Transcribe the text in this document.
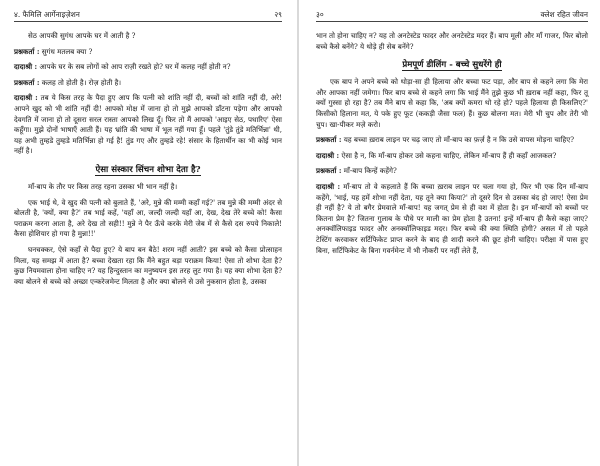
४. फैमिलि आर्गेनाइज़ेशन	२९

सेठ आपकी सुगंध आपके घर में आती है ?

प्रश्नकर्ता : सुगंध मतलब क्या ?

दादाश्री : आपके घर के सब लोगों को आप राज़ी रखते हो? घर में कलह नहीं होती न?

प्रश्नकर्ता : कलह तो होती है। रोज़ होती है।

दादाश्री : तब ये किस तरह के पैदा हुए आप कि पत्नी को शांति नहीं दी, बच्चों को शांति नहीं दी, अरे! आपने खुद को भी शांति नहीं दी! आपको मोक्ष में जाना हो तो मुझे आपको डाँटना पड़ेगा और आपको देवगति में जाना हो तो दूसरा सरल रास्ता आपको लिख दूँ। फिर तो मैं आपको 'आइए सेठ, पधारिए' ऐसा कहूँगा। मुझे दोनों भाषाएँ आती हैं। यह भ्रांति की भाषा में भूल नहीं गया हूँ। पहले 'तुंडे तुंडे मतिर्भिन्ना' थी, यह अभी तुम्हडे तुम्हडे मतिर्भिन्ना हो गई है! तुंड गए और तुम्हडे रहे! संसार के हितार्थीन का भी कोई भान नहीं है।

ऐसा संस्कार सिंचन शोभा देता है?

माँ-बाप के तौर पर किस तरह रहना उसका भी भान नहीं है।

एक भाई थे, वे खुद की पत्नी को बुलाते हैं, 'अरे, मुन्ने की मम्मी कहाँ गई?' तब मुन्ने की मम्मी अंदर से बोलती है, 'क्यों, क्या है?' तब भाई कहें, 'यहाँ आ, जल्दी जल्दी यहाँ आ, देख, देख तेरे बच्चे को! कैसा पराक्रम करना आता है, अरे देख तो सही!! मुन्ने ने पैर ऊँचे करके मेरी जेब में से कैसे दस रुपये निकाले! कैसा होशियार हो गया है मुन्ना!!'

घनचक्कर, ऐसे कहाँ से पैदा हुए? ये बाप बन बैठे! शरम नहीं आती? इस बच्चे को कैसा प्रोत्साहन मिला, यह समझ में आता है? बच्चा देखता रहा कि मैंने बहुत बड़ा पराक्रम किया! ऐसा तो शोभा देता है? कुछ नियमवाला होना चाहिए न? यह हिन्दुस्तान का मनुष्यपन इस तरह लुट गया है। यह क्या शोभा देता है? क्या बोलने से बच्चे को अच्छा एन्करेजमेन्ट मिलता है और क्या बोलने से उसे नुकसान होता है, उसका

३०	क्लेश रहित जीवन

भान तो होना चाहिए न? यह तो अनटेस्टेड फादर और अनटेस्टेड मदर हैं। बाप मूली और माँ गाजर, फिर बोलो बच्चे कैसे बनेंगे? ये थोड़े ही सेब बनेंगे?

प्रेमपूर्ण डीलिंग - बच्चे सुधरेंगे ही

एक बाप ने अपने बच्चे को थोड़ा-सा ही हिलाया और बच्चा फट पड़ा, और बाप से कहने लगा कि मेरा और आपका नहीं जमेगा। फिर बाप बच्चे से कहने लगा कि भाई मैंने तुझे कुछ भी ख़राब नहीं कहा, फिर तू क्यों गुस्सा हो रहा है? तब मैंने बाप से कहा कि, 'अब क्यों कमरा थो रहे हो? पहले हिलाया ही किसलिए?' किसीको हिलाना मत, ये पके हुए फूट (ककड़ी जैसा फल) हैं। कुछ बोलना मत। मेरी भी चुप और तेरी भी चुप। खा-पीकर मज़े करो।

प्रश्नकर्ता : यह बच्चा ख़राब लाइन पर चढ़ जाए तो माँ-बाप का फ़र्ज़ है न कि उसे वापस मोड़ना चाहिए?

दादाश्री : ऐसा है न, कि माँ-बाप होकर उसे कहना चाहिए, लेकिन माँ-बाप हैं ही कहाँ आजकल?

प्रश्नकर्ता : माँ-बाप किन्हें कहेंगे?

दादाश्री : माँ-बाप तो वे कहलाते हैं कि बच्चा ख़राब लाइन पर चला गया हो, फिर भी एक दिन माँ-बाप कहेंगे, 'भाई, यह हमें शोभा नहीं देता, यह तूने क्या किया?' तो दूसरे दिन से उसका बंद हो जाए! ऐसा प्रेम ही नहीं है? ये तो बगैर प्रेमवाले माँ-बाप! यह जगत् प्रेम से ही वश में होता है। इन माँ-बापों को बच्चों पर कितना प्रेम है? जितना गुलाब के पौधे पर माली का प्रेम होता है उतना! इन्हें माँ-बाप ही कैसे कहा जाए? अनक्वॉलिफाइड फादर और अनक्वॉलिफाइड मदर। फिर बच्चे की क्या स्थिति होगी? असल में तो पहले टेस्टिंग करवाकर सर्टिफिकेट प्राप्त करने के बाद ही शादी करने की छूट होनी चाहिए। परीक्षा में पास हुए बिना, सर्टिफिकेट के बिना गवर्नमेन्ट में भी नौकरी पर नहीं लेते हैं,
